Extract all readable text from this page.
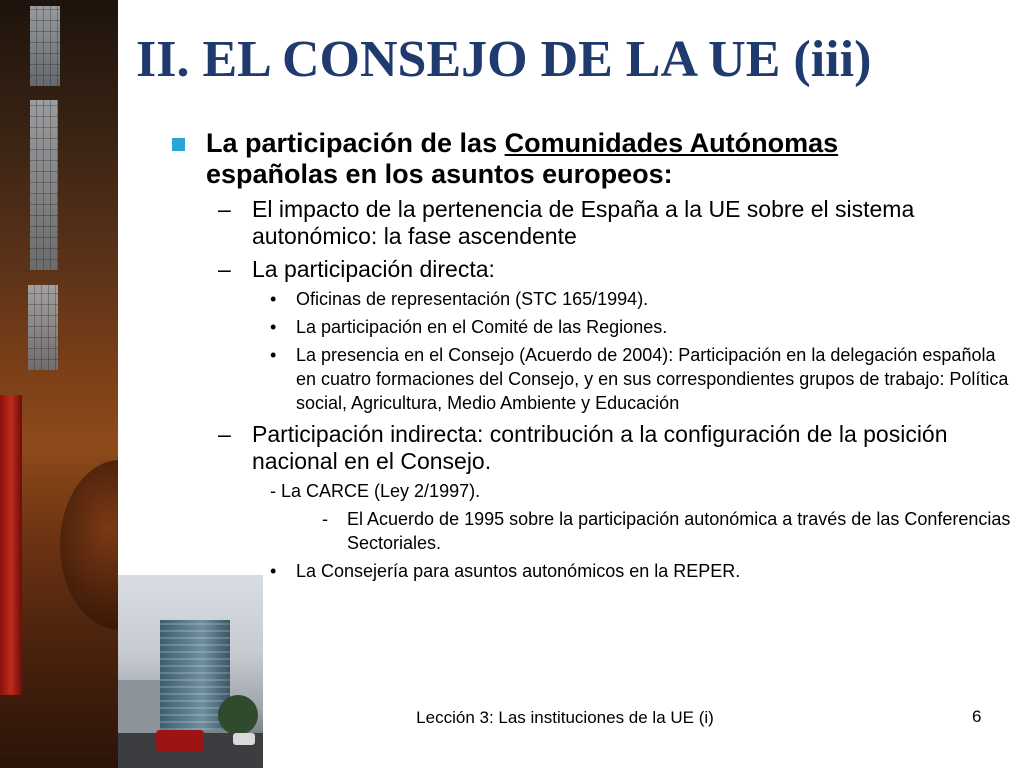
II. EL CONSEJO DE LA UE (iii)
La participación de las Comunidades Autónomas
españolas en los asuntos europeos:
– El impacto de la pertenencia de España a la UE sobre el sistema autonómico: la fase ascendente
– La participación directa:
• Oficinas de representación (STC 165/1994).
• La participación en el Comité de las Regiones.
• La presencia en el Consejo (Acuerdo de 2004): Participación en la delegación española en cuatro formaciones del Consejo, y en sus correspondientes grupos de trabajo: Política social, Agricultura, Medio Ambiente y Educación
– Participación indirecta: contribución a la configuración de la posición nacional en el Consejo.
- La CARCE (Ley 2/1997).
- El Acuerdo de 1995 sobre la participación autonómica a través de las Conferencias Sectoriales.
• La Consejería para asuntos autonómicos en la REPER.
Lección 3: Las instituciones de la UE (i)	6
